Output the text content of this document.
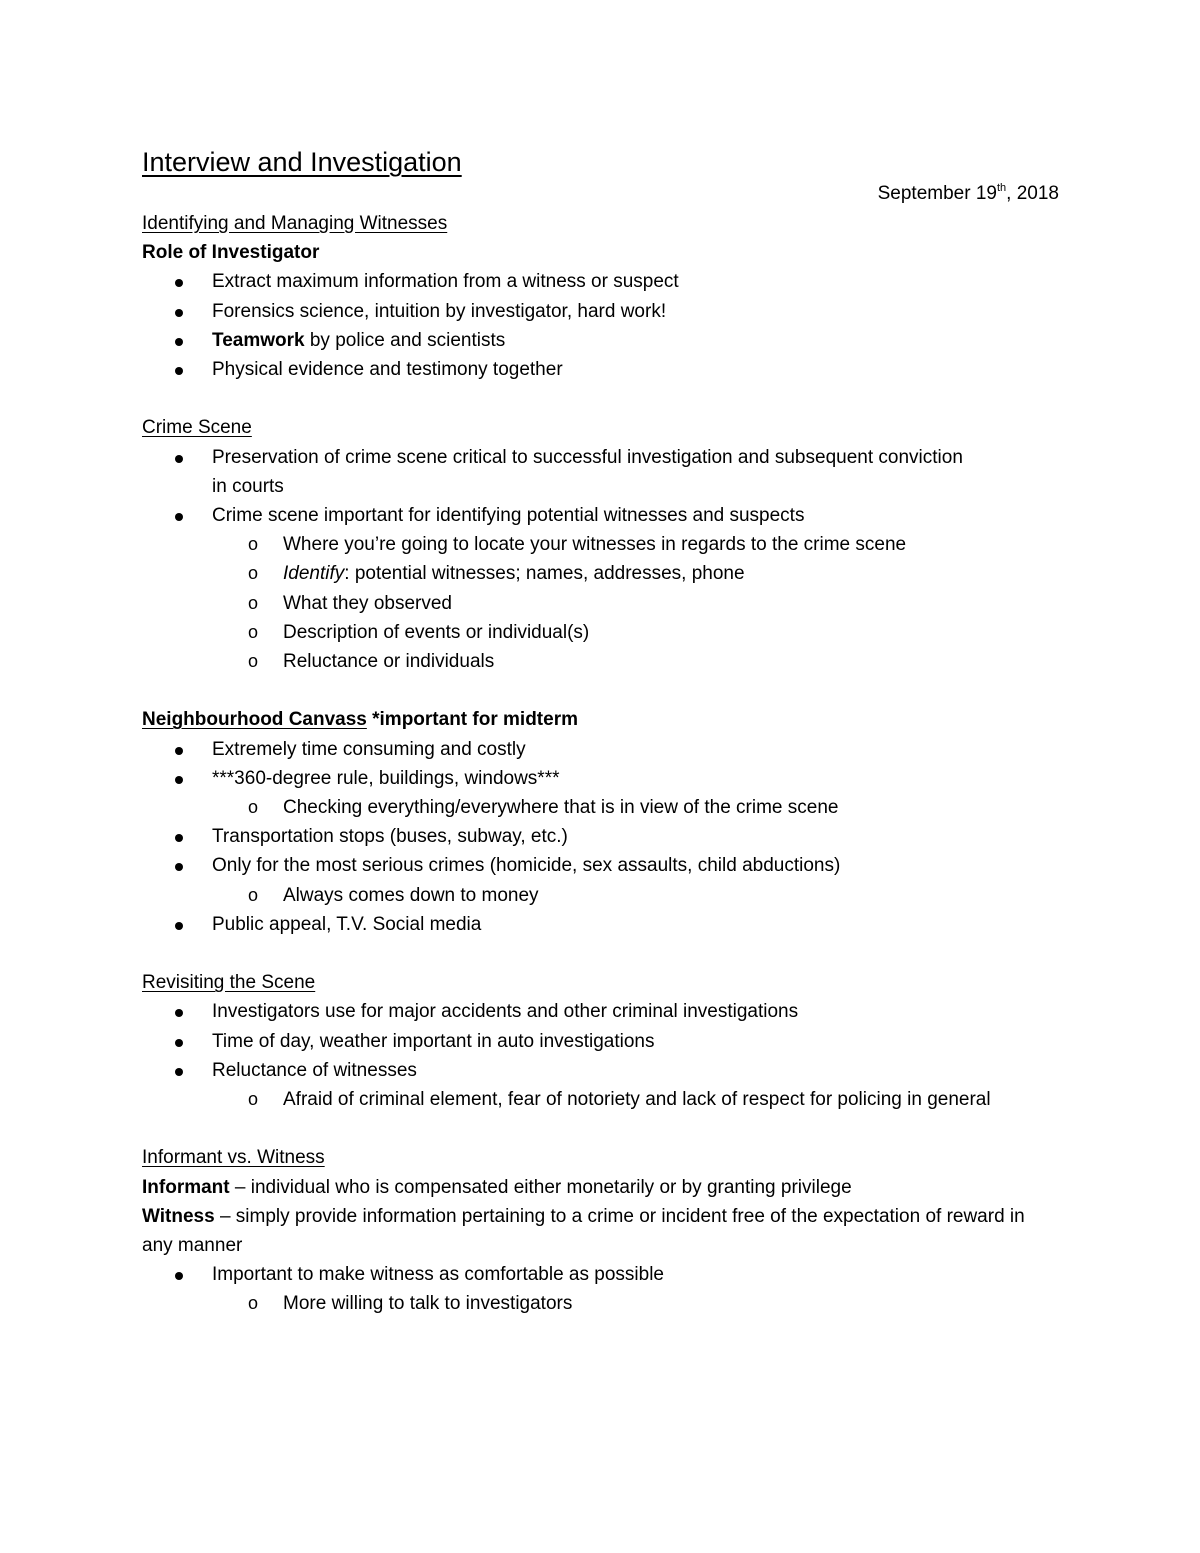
Interview and Investigation
September 19th, 2018
Identifying and Managing Witnesses
Role of Investigator
Extract maximum information from a witness or suspect
Forensics science, intuition by investigator, hard work!
Teamwork by police and scientists
Physical evidence and testimony together
Crime Scene
Preservation of crime scene critical to successful investigation and subsequent conviction in courts
Crime scene important for identifying potential witnesses and suspects
o Where you’re going to locate your witnesses in regards to the crime scene
o Identify: potential witnesses; names, addresses, phone
o What they observed
o Description of events or individual(s)
o Reluctance or individuals
Neighbourhood Canvass *important for midterm
Extremely time consuming and costly
***360-degree rule, buildings, windows***
o Checking everything/everywhere that is in view of the crime scene
Transportation stops (buses, subway, etc.)
Only for the most serious crimes (homicide, sex assaults, child abductions)
o Always comes down to money
Public appeal, T.V. Social media
Revisiting the Scene
Investigators use for major accidents and other criminal investigations
Time of day, weather important in auto investigations
Reluctance of witnesses
o Afraid of criminal element, fear of notoriety and lack of respect for policing in general
Informant vs. Witness
Informant – individual who is compensated either monetarily or by granting privilege
Witness – simply provide information pertaining to a crime or incident free of the expectation of reward in any manner
Important to make witness as comfortable as possible
o More willing to talk to investigators
